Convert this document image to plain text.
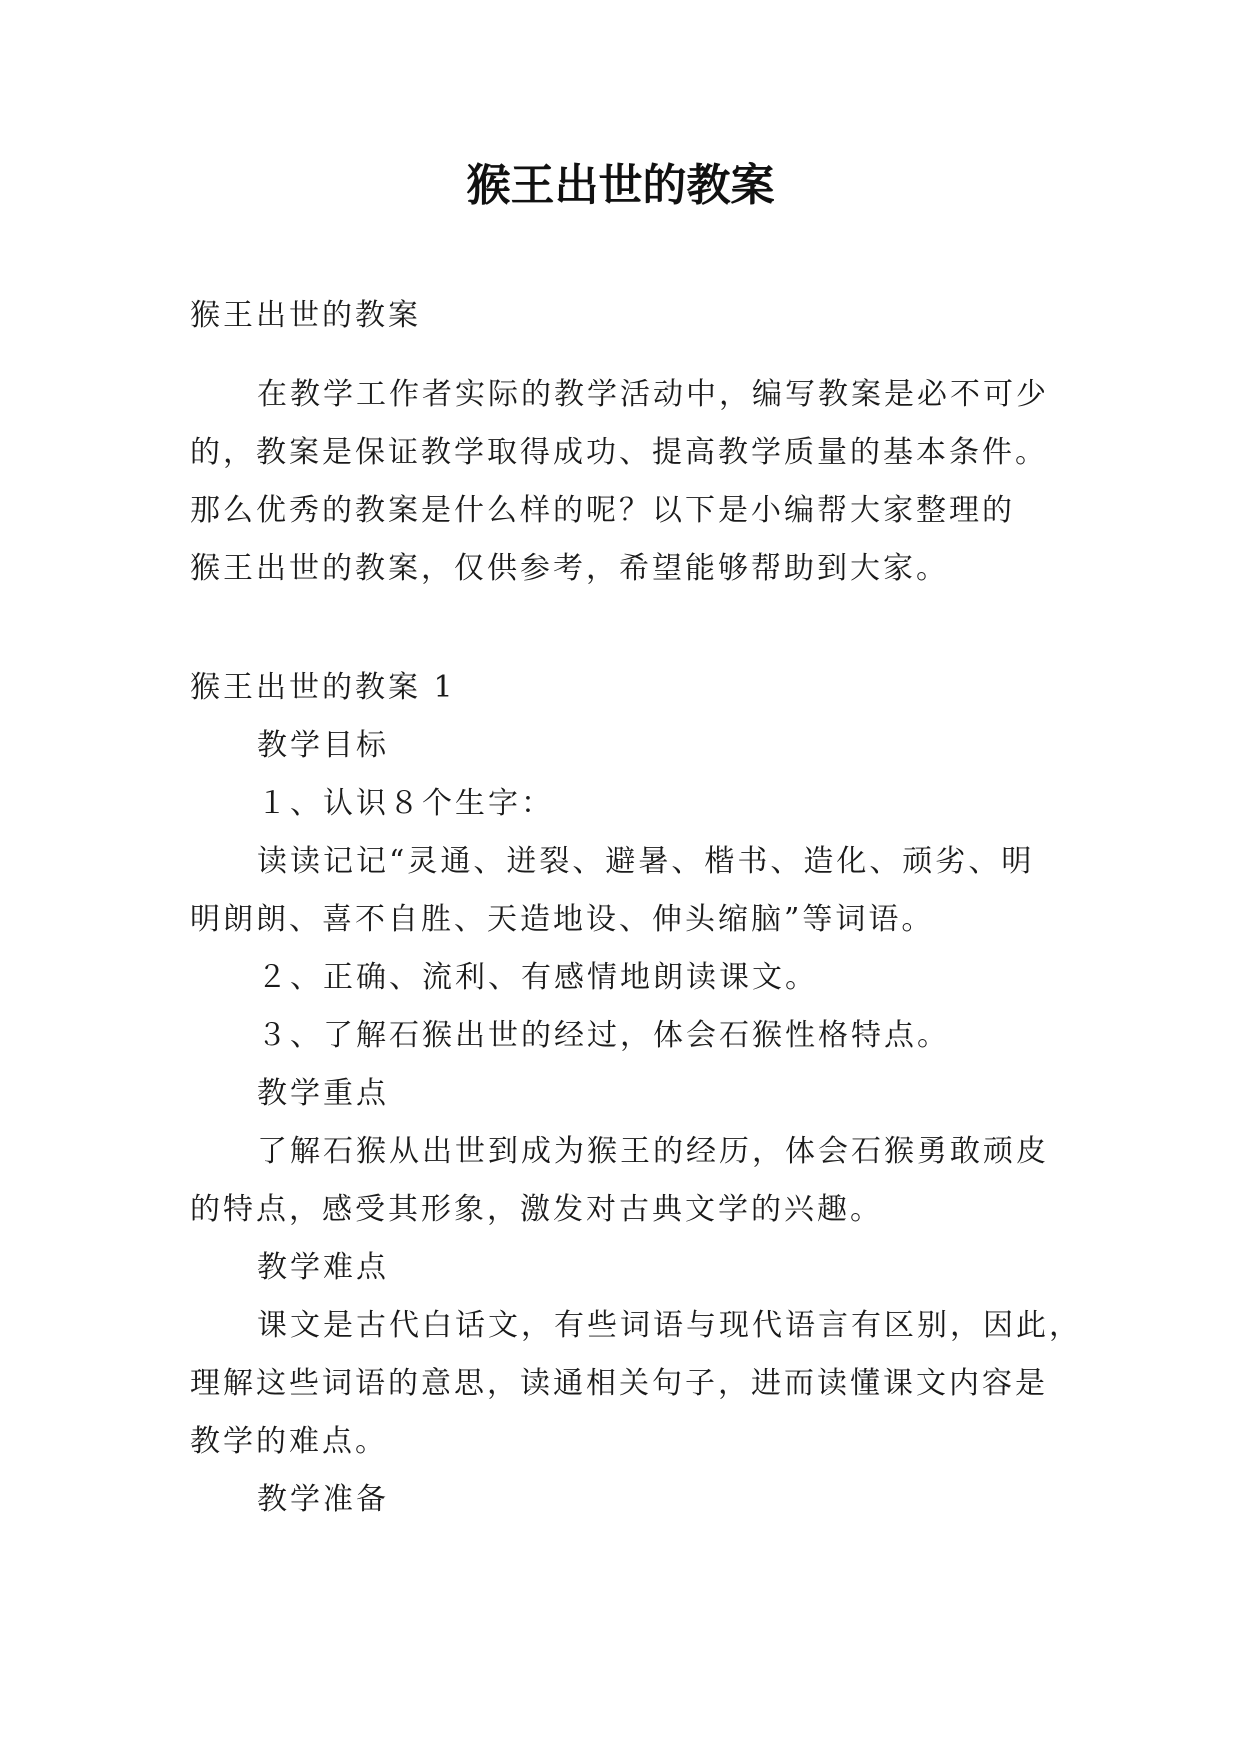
猴王出世的教案
猴王出世的教案
在教学工作者实际的教学活动中，编写教案是必不可少
的，教案是保证教学取得成功、提高教学质量的基本条件。
那么优秀的教案是什么样的呢？以下是小编帮大家整理的
猴王出世的教案，仅供参考，希望能够帮助到大家。
猴王出世的教案 1
教学目标
１、认识８个生字：
读读记记“灵通、迸裂、避暑、楷书、造化、顽劣、明
明朗朗、喜不自胜、天造地设、伸头缩脑”等词语。
２、正确、流利、有感情地朗读课文。
３、了解石猴出世的经过，体会石猴性格特点。
教学重点
了解石猴从出世到成为猴王的经历，体会石猴勇敢顽皮
的特点，感受其形象，激发对古典文学的兴趣。
教学难点
课文是古代白话文，有些词语与现代语言有区别，因此，
理解这些词语的意思，读通相关句子，进而读懂课文内容是
教学的难点。
教学准备
